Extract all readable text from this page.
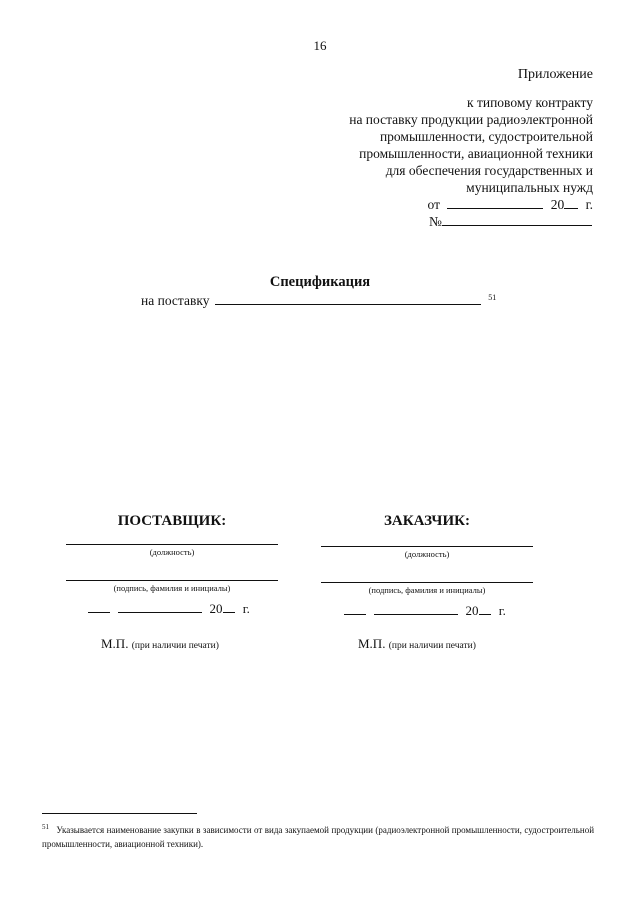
16
Приложение
к типовому контракту
на поставку продукции радиоэлектронной
промышленности, судостроительной
промышленности, авиационной техники
для обеспечения государственных и
муниципальных нужд
от	20 г.
№
Спецификация
на поставку	$^{51}$
ПОСТАВЩИК:
(должность)
(подпись, фамилия и инициалы)
20 г.
М.П. (при наличии печати)
ЗАКАЗЧИК:
(должность)
(подпись, фамилия и инициалы)
20 г.
М.П. (при наличии печати)
$^{51}$ Указывается наименование закупки в зависимости от вида закупаемой продукции (радиоэлектронной промышленности, судостроительной промышленности, авиационной техники).
